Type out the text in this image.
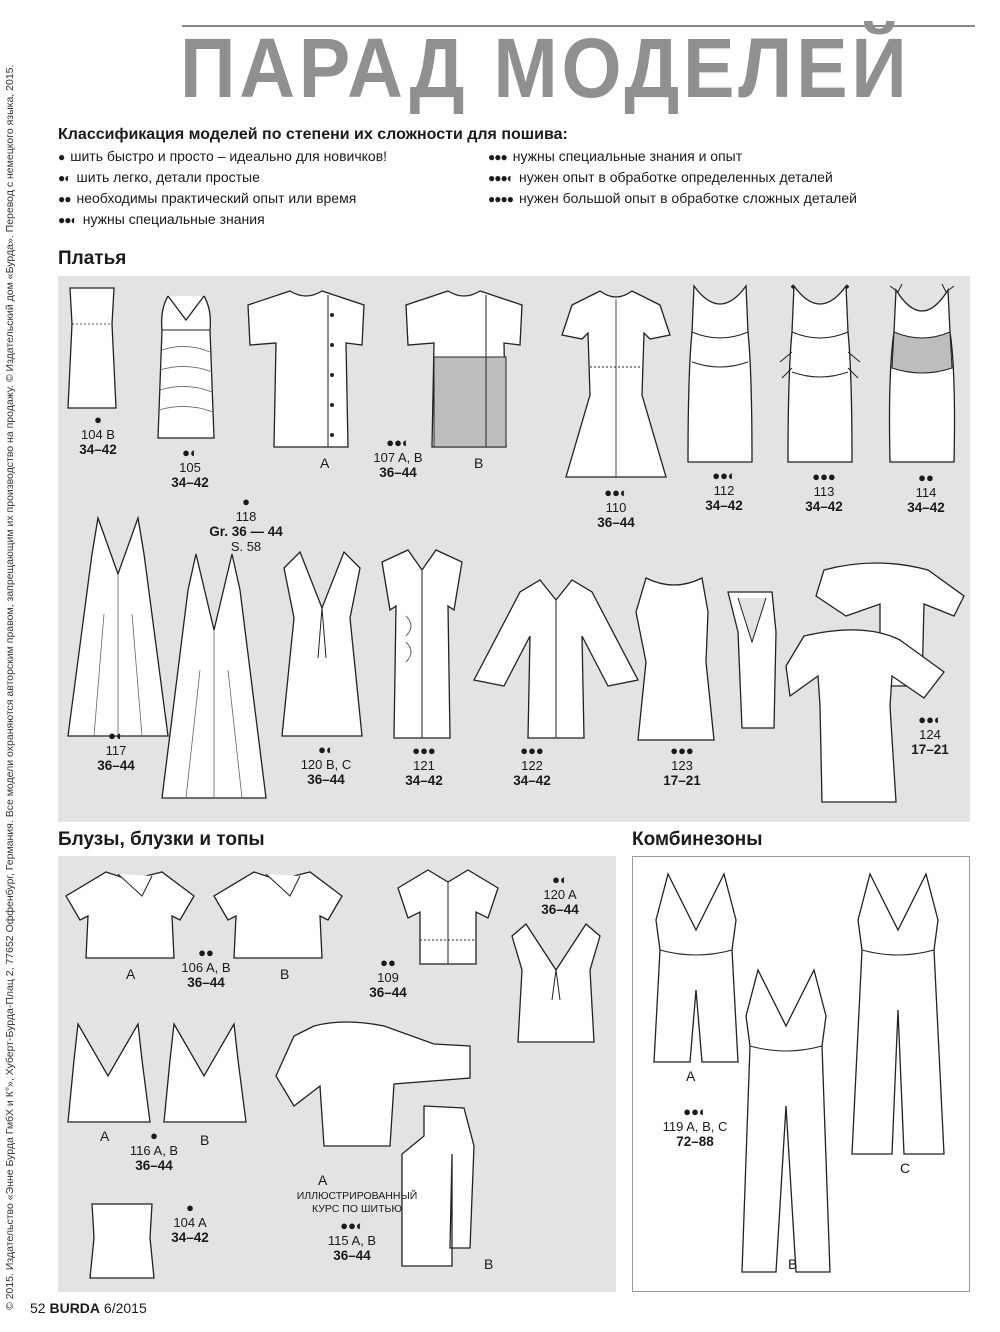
© 2015. Издательство «Энне Бурда ГмбХ и К°», Хуберт-Бурда-Плац 2, 77652 Оффенбург, Германия. Все модели охраняются авторским правом, запрещающим их производство на продажу. © Издательский дом «Бурда». Перевод с немецкого языка, 2015. ПАРАД МОДЕЛЕЙ
Классификация моделей по степени их сложности для пошива:
● шить быстро и просто – идеально для новичков!
●◐ шить легко, детали простые
●● необходимы практический опыт или время
●●◐ нужны специальные знания
●●● нужны специальные знания и опыт
●●●◐ нужен опыт в обработке определенных деталей
●●●● нужен большой опыт в обработке сложных деталей
Платья
Блузы, блузки и топы	Комбинезоны
●
104 B
34–42	●◐
105
34–42
A
●●◐
107 A, B
36–44
B
●●◐
110
36–44
●●◐
112
34–42
●●●
113
34–42
●●
114
34–42
●◐
117
36–44
●
118
Gr. 36 — 44
S. 58
●◐
120 B, C
36–44
●●●
121
34–42
●●●
122
34–42
●●●
123
17–21
●●◐
124
17–21
A
●●
106 A, B
36–44
B
●●
109
36–44
●◐
120 A
36–44
A	●
116 A, B
36–44
B
A
ИЛЛЮСТРИРОВАННЫЙ КУРС ПО ШИТЬЮ
●●◐
115 A, B
36–44
B
●
104 A
34–42
A
●●◐
119 A, B, C
72–88
B
C
52 BURDA 6/2015
